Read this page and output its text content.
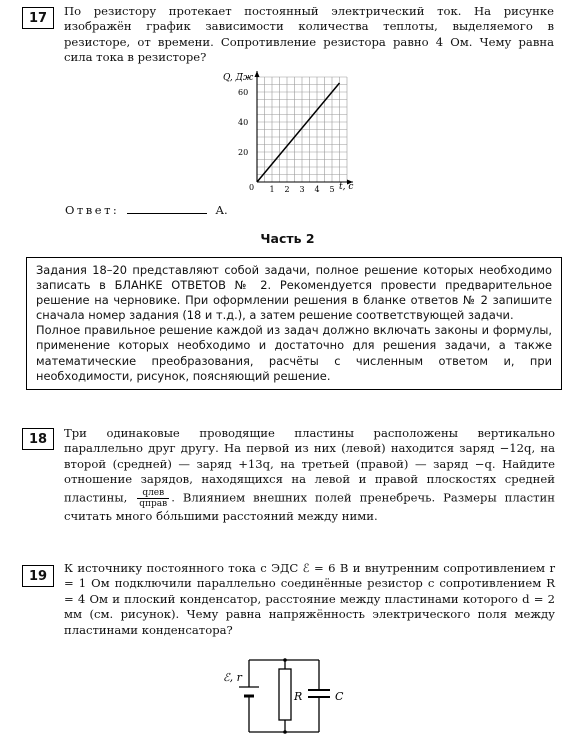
17	По резистору протекает постоянный электрический ток. На рисунке изображён график зависимости количества теплоты, выделяемого в резисторе, от времени. Сопротивление резистора равно 4 Ом. Чему равна сила тока в резисторе?
0 1 2 3 4 5
20
40
60
Q, Дж
t, c
Ответ:	А.
Часть 2

Задания 18–20 представляют собой задачи, полное решение которых необходимо записать в БЛАНКЕ ОТВЕТОВ № 2. Рекомендуется провести предварительное решение на черновике. При оформлении решения в бланке ответов № 2 запишите сначала номер задания (18 и т.д.), а затем решение соответствующей задачи.

Полное правильное решение каждой из задач должно включать законы и формулы, применение которых необходимо и достаточно для решения задачи, а также математические преобразования, расчёты с численным ответом и, при необходимости, рисунок, поясняющий решение.

18	Три одинаковые проводящие пластины расположены вертикально параллельно друг другу. На первой из них (левой) находится заряд −12q, на второй (средней) — заряд +13q, на третьей (правой) — заряд −q. Найдите отношение зарядов, находящихся на левой и правой плоскостях средней пластины, $\frac{\text{qлев}}{\text{qправ}}$ . Влиянием внешних полей пренебречь. Размеры пластин считать много бóльшими расстояний между ними.
19
К источнику постоянного тока с ЭДС ℰ = 6 В и внутренним сопротивлением r = 1 Ом подключили параллельно соединённые резистор с сопротивлением R = 4 Ом и плоский конденсатор, расстояние между пластинами которого d = 2 мм (см. рисунок). Чему равна напряжённость электрического поля между пластинами конденсатора?
ℰ, r
R	C
